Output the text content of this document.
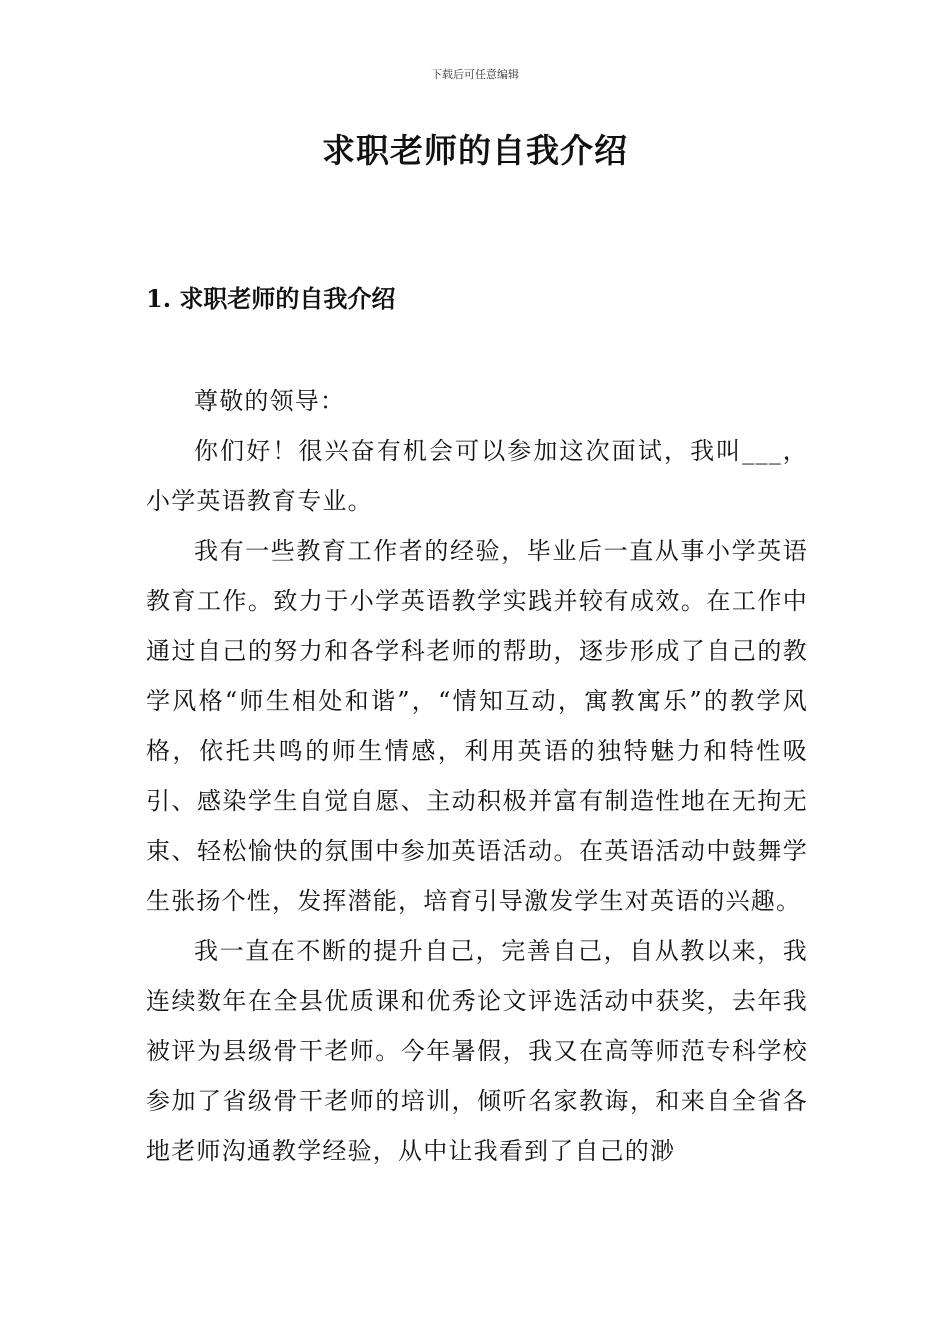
下载后可任意编辑
求职老师的自我介绍
1. 求职老师的自我介绍

尊敬的领导：

你们好！很兴奋有机会可以参加这次面试，我叫___，小学英语教育专业。

我有一些教育工作者的经验，毕业后一直从事小学英语教育工作。致力于小学英语教学实践并较有成效。在工作中通过自己的努力和各学科老师的帮助，逐步形成了自己的教学风格“师生相处和谐”，“情知互动，寓教寓乐”的教学风格，依托共鸣的师生情感，利用英语的独特魅力和特性吸引、感染学生自觉自愿、主动积极并富有制造性地在无拘无束、轻松愉快的氛围中参加英语活动。在英语活动中鼓舞学生张扬个性，发挥潜能，培育引导激发学生对英语的兴趣。

我一直在不断的提升自己，完善自己，自从教以来，我连续数年在全县优质课和优秀论文评选活动中获奖，去年我被评为县级骨干老师。今年暑假，我又在高等师范专科学校参加了省级骨干老师的培训，倾听名家教诲，和来自全省各地老师沟通教学经验，从中让我看到了自己的渺
